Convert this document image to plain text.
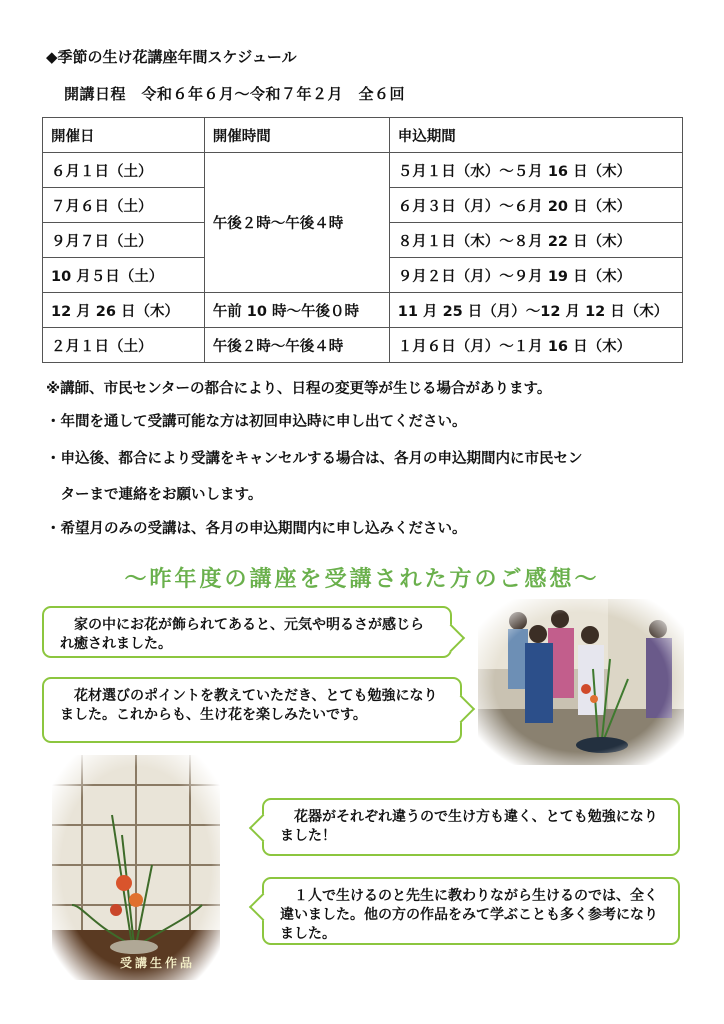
◆季節の生け花講座年間スケジュール
開講日程　令和６年６月～令和７年２月　全６回
開催日	開催時間	申込期間
６月１日（土）	午後２時～午後４時	５月１日（水）～５月 16 日（木）
７月６日（土）		６月３日（月）～６月 20 日（木）
９月７日（土）		８月１日（木）～８月 22 日（木）
10 月５日（土）		９月２日（月）～９月 19 日（木）
12 月 26 日（木）	午前 10 時～午後０時	11 月 25 日（月）～12 月 12 日（木）
２月１日（土）	午後２時～午後４時	１月６日（月）～１月 16 日（木）
※講師、市民センターの都合により、日程の変更等が生じる場合があります。
・年間を通して受講可能な方は初回申込時に申し出てください。
・申込後、都合により受講をキャンセルする場合は、各月の申込期間内に市民セン
　ターまで連絡をお願いします。
・希望月のみの受講は、各月の申込期間内に申し込みください。
～昨年度の講座を受講された方のご感想～
　家の中にお花が飾られてあると、元気や明るさが感じられ癒されました。
　花材選びのポイントを教えていただき、とても勉強になりました。これからも、生け花を楽しみたいです。
　花器がそれぞれ違うので生け方も違く、とても勉強になりました！
　１人で生けるのと先生に教わりながら生けるのでは、全く違いました。他の方の作品をみて学ぶことも多く参考になりました。
受講生作品
